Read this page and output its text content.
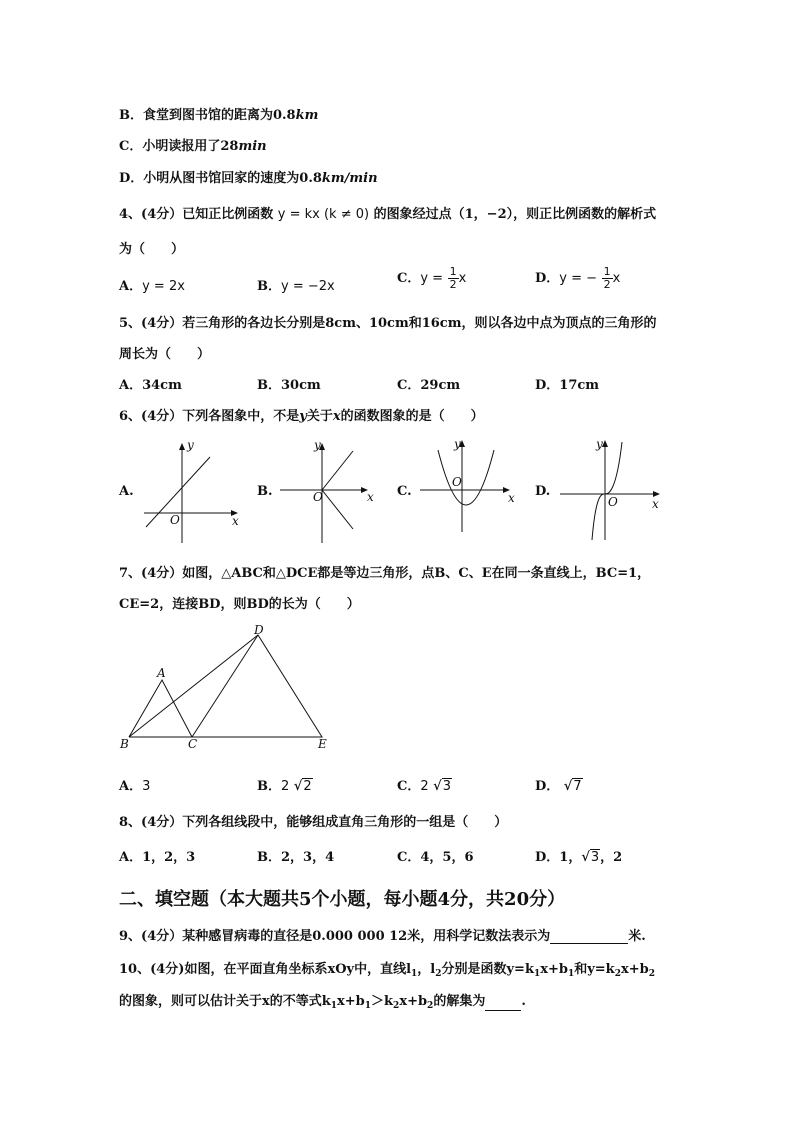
B．食堂到图书馆的距离为0.8km
C．小明读报用了28min
D．小明从图书馆回家的速度为0.8km/min
4、(4分）已知正比例函数 y = kx (k ≠ 0) 的图象经过点（1，−2），则正比例函数的解析式
为（　　）
A．y = 2x	B．y = −2x
C．$y = \frac{1}{2}$ x	D．y = − $\frac{1}{2}$ x
5、(4分）若三角形的各边长分别是8cm、10cm和16cm，则以各边中点为顶点的三角形的
周长为（　　）
A．34cm	B．30cm	C．29cm	D．17cm
6、(4分）下列各图象中，不是y关于x的函数图象的是（　　）
A.	B.	C.	D.
x
y
O
x
y
O	x
y
O
x
y
O
7、(4分）如图，△ABC和△DCE都是等边三角形，点B、C、E在同一条直线上，BC=1，
CE=2，连接BD，则BD的长为（　　）
A
B	C
D
E
A．3	B．2 √2	C．2 √3	D． √7
8、(4分）下列各组线段中，能够组成直角三角形的一组是（　　）
A．1，2，3	B．2，3，4	C．4，5，6	D．1，√3，2
二、填空题（本大题共5个小题，每小题4分，共20分）
9、(4分）某种感冒病毒的直径是0.000 000 12米，用科学记数法表示为	米.
10、(4分)如图，在平面直角坐标系xOy中，直线$l_1$，$l_2$分别是函数$y=k_1x+b_1$和$y=k_2x+b_2$
的图象，则可以估计关于x的不等式$k_1x+b_1>k_2x+b_2$的解集为	.
